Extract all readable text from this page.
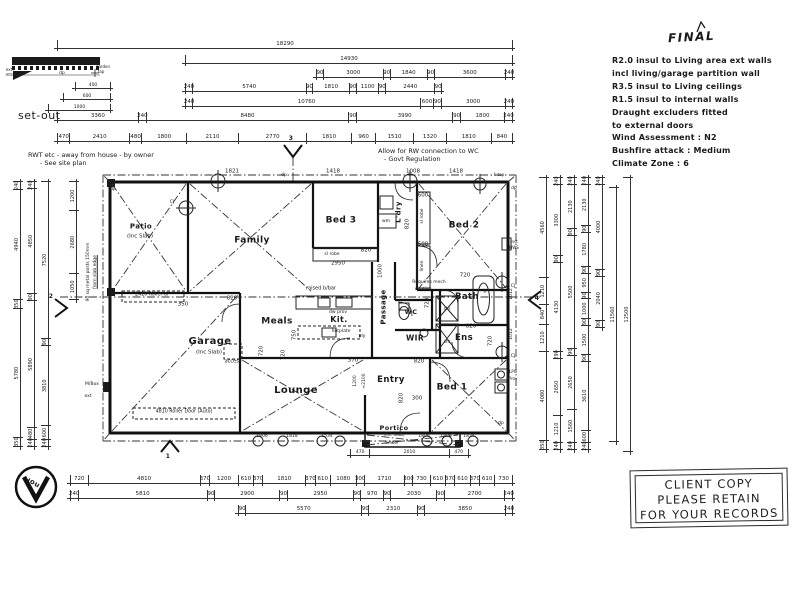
18290
14930
90	3000	90 1840 90	3600	240
240	5740	90 1810 90 1100 90	2440	90
240	10760	600 90	3000	240
3360	240	8480	90	3990	90	1800 240
470	2410	480	1800	2110	2770	1810	960	1510	1320	1810	840
470	2010	470
720	4810	370 1200 610 370	1810	370 610 1080 300 1710 300 730 610 370 610 370 610 730
240	5810	90	2900	90	2950	90 970 90	2030	90	2700	240
90	5570	90	2310	90	3850	240
240
4940
350
5780
350
240
4850
90
5890
480
240
7520
90
3810
600
240
1200
2680
1050
4560
1210
840
1210
4080
350
240
3300
90
4130
290
2650
1210
240
240
2130
90
5500
90
2650
1560
240
240
2130
90
1780
90
950
90
1000
90
1500
90
3610
600
240
240
4000
90
2040
90
11560 12500
400
600
1000
1821	1418	1008	1418
820
350
2950
1000
820
600
820
500
720
720
720
820
750
720	720	370
1200 ≈2100
820
820 300
1012
1012
1806	1818	1534	1806 1806	1834
Patio
(Inc Slab)	Family
Bed 3	L'dry
wm	Bed 2
sl robe
sl robe
linen
Garage
(Inc Slab)
Meals	Kit.
raised b/bar
dw prov
hotplate
ply
Passage	WC
Bath
b
shr
shr
WIR	Ens
Requires mech
venting
Bed 1
Entry
Lounge
Portico
(Inc Slab)
timber
access
inst
HWS
LPG
Prov
CJ
CJ
CJ
dp
dp
dp
dp
f. tap
M/Box
ext
2410 Roller dr
4810 Roller Door (Auto)
90 sq metal posts 150mm from slab edge
1
2
3
4
nor
set-out
garden
tap
ext
mtr	dp
RWT etc - away from house - by owner
- See site plan
Allow for RW connection to WC
- Govt Regulation
FINAL
R2.0 insul to Living area ext walls
incl living/garage partition wall
R3.5 insul to Living ceilings
R1.5 insul to internal walls
Draught excluders fitted
to external doors
Wind Assessment : N2
Bushfire attack : Medium
Climate Zone : 6
CLIENT COPY
PLEASE RETAIN
FOR YOUR RECORDS
